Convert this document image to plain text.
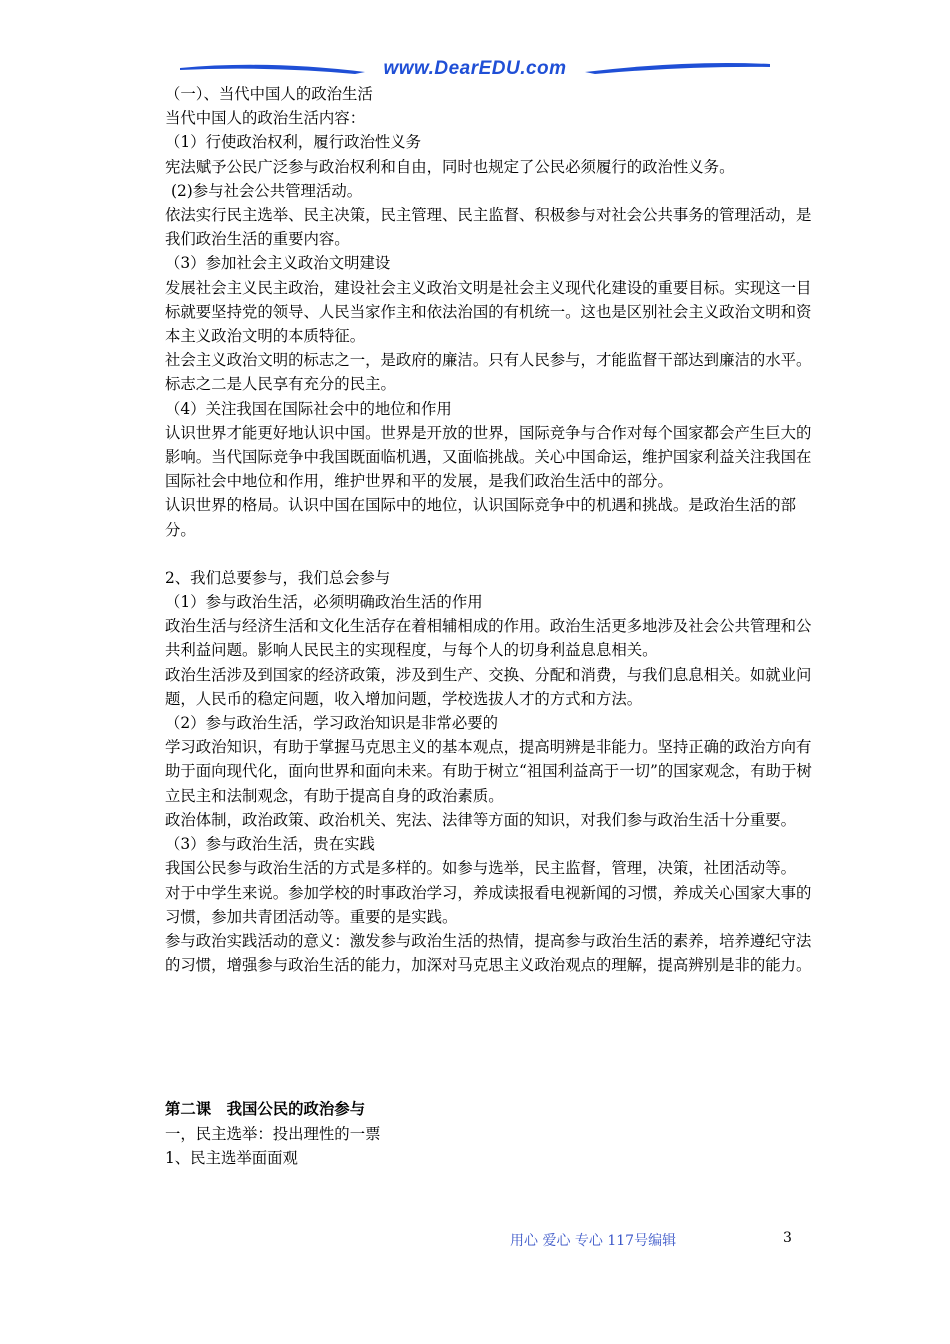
www.DearEDU.com

（一）、当代中国人的政治生活

当代中国人的政治生活内容：

（1）行使政治权利，履行政治性义务

宪法赋予公民广泛参与政治权利和自由，同时也规定了公民必须履行的政治性义务。

(2)参与社会公共管理活动。

依法实行民主选举、民主决策，民主管理、民主监督、积极参与对社会公共事务的管理活动，是我们政治生活的重要内容。

（3）参加社会主义政治文明建设

发展社会主义民主政治，建设社会主义政治文明是社会主义现代化建设的重要目标。实现这一目标就要坚持党的领导、人民当家作主和依法治国的有机统一。这也是区别社会主义政治文明和资本主义政治文明的本质特征。

社会主义政治文明的标志之一，是政府的廉洁。只有人民参与，才能监督干部达到廉洁的水平。标志之二是人民享有充分的民主。

（4）关注我国在国际社会中的地位和作用

认识世界才能更好地认识中国。世界是开放的世界，国际竞争与合作对每个国家都会产生巨大的影响。当代国际竞争中我国既面临机遇，又面临挑战。关心中国命运，维护国家利益关注我国在国际社会中地位和作用，维护世界和平的发展，是我们政治生活中的部分。

认识世界的格局。认识中国在国际中的地位，认识国际竞争中的机遇和挑战。是政治生活的部分。

2、我们总要参与，我们总会参与

（1）参与政治生活，必须明确政治生活的作用

政治生活与经济生活和文化生活存在着相辅相成的作用。政治生活更多地涉及社会公共管理和公共利益问题。影响人民民主的实现程度，与每个人的切身利益息息相关。

政治生活涉及到国家的经济政策，涉及到生产、交换、分配和消费，与我们息息相关。如就业问题，人民币的稳定问题，收入增加问题，学校选拔人才的方式和方法。

（2）参与政治生活，学习政治知识是非常必要的

学习政治知识，有助于掌握马克思主义的基本观点，提高明辨是非能力。坚持正确的政治方向有助于面向现代化，面向世界和面向未来。有助于树立“祖国利益高于一切”的国家观念，有助于树立民主和法制观念，有助于提高自身的政治素质。

政治体制，政治政策、政治机关、宪法、法律等方面的知识，对我们参与政治生活十分重要。

（3）参与政治生活，贵在实践

我国公民参与政治生活的方式是多样的。如参与选举，民主监督，管理，决策，社团活动等。

对于中学生来说。参加学校的时事政治学习，养成读报看电视新闻的习惯，养成关心国家大事的习惯，参加共青团活动等。重要的是实践。

参与政治实践活动的意义：激发参与政治生活的热情，提高参与政治生活的素养，培养遵纪守法的习惯，增强参与政治生活的能力，加深对马克思主义政治观点的理解，提高辨别是非的能力。

第二课　我国公民的政治参与

一，民主选举：投出理性的一票

1、民主选举面面观

用心 爱心 专心 117号编辑	3
